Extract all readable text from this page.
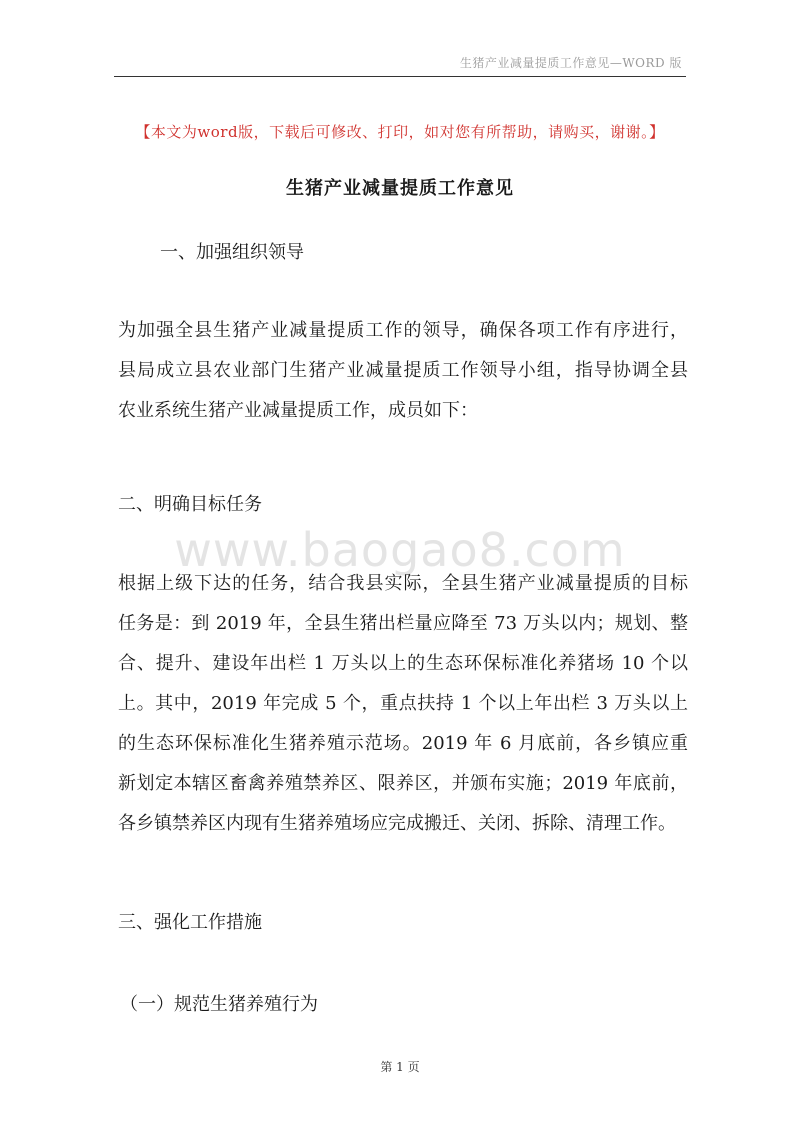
生猪产业减量提质工作意见—WORD 版
【本文为word版，下载后可修改、打印，如对您有所帮助，请购买，谢谢。】
生猪产业减量提质工作意见
一、加强组织领导

为加强全县生猪产业减量提质工作的领导，确保各项工作有序进行，
县局成立县农业部门生猪产业减量提质工作领导小组，指导协调全县
农业系统生猪产业减量提质工作，成员如下：

二、明确目标任务
www.baogao8.com

根据上级下达的任务，结合我县实际，全县生猪产业减量提质的目标
任务是：到 2019 年，全县生猪出栏量应降至 73 万头以内；规划、整
合、提升、建设年出栏 1 万头以上的生态环保标准化养猪场 10 个以
上。其中，2019 年完成 5 个，重点扶持 1 个以上年出栏 3 万头以上
的生态环保标准化生猪养殖示范场。2019 年 6 月底前，各乡镇应重
新划定本辖区畜禽养殖禁养区、限养区，并颁布实施；2019 年底前，
各乡镇禁养区内现有生猪养殖场应完成搬迁、关闭、拆除、清理工作。

三、强化工作措施
（一）规范生猪养殖行为
第 1 页
